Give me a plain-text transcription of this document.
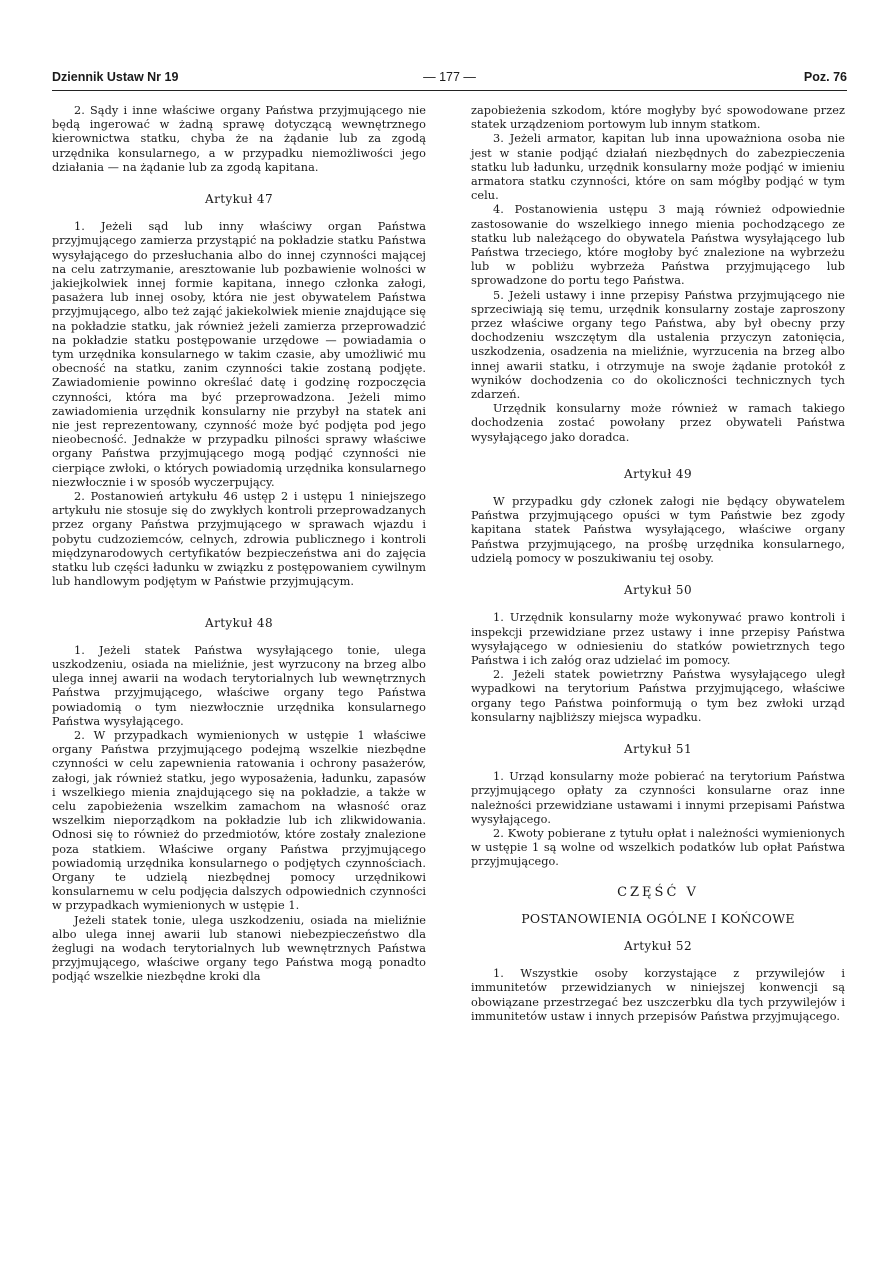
Dziennik Ustaw Nr 19	— 177 —	Poz. 76

2. Sądy i inne właściwe organy Państwa przyjmującego nie będą ingerować w żadną sprawę dotyczącą wewnętrznego kierownictwa statku, chyba że na żądanie lub za zgodą urzędnika konsularnego, a w przypadku niemożliwości jego działania — na żądanie lub za zgodą kapitana.

Artykuł 47

1. Jeżeli sąd lub inny właściwy organ Państwa przyjmującego zamierza przystąpić na pokładzie statku Państwa wysyłającego do przesłuchania albo do innej czynności mającej na celu zatrzymanie, aresztowanie lub pozbawienie wolności w jakiejkolwiek innej formie kapitana, innego członka załogi, pasażera lub innej osoby, która nie jest obywatelem Państwa przyjmującego, albo też zająć jakiekolwiek mienie znajdujące się na pokładzie statku, jak również jeżeli zamierza przeprowadzić na pokładzie statku postępowanie urzędowe — powiadamia o tym urzędnika konsularnego w takim czasie, aby umożliwić mu obecność na statku, zanim czynności takie zostaną podjęte. Zawiadomienie powinno określać datę i godzinę rozpoczęcia czynności, która ma być przeprowadzona. Jeżeli mimo zawiadomienia urzędnik konsularny nie przybył na statek ani nie jest reprezentowany, czynność może być podjęta pod jego nieobecność. Jednakże w przypadku pilności sprawy właściwe organy Państwa przyjmującego mogą podjąć czynności nie cierpiące zwłoki, o których powiadomią urzędnika konsularnego niezwłocznie i w sposób wyczerpujący.

2. Postanowień artykułu 46 ustęp 2 i ustępu 1 niniejszego artykułu nie stosuje się do zwykłych kontroli przeprowadzanych przez organy Państwa przyjmującego w sprawach wjazdu i pobytu cudzoziemców, celnych, zdrowia publicznego i kontroli międzynarodowych certyfikatów bezpieczeństwa ani do zajęcia statku lub części ładunku w związku z postępowaniem cywilnym lub handlowym podjętym w Państwie przyjmującym.

Artykuł 48

1. Jeżeli statek Państwa wysyłającego tonie, ulega uszkodzeniu, osiada na mieliźnie, jest wyrzucony na brzeg albo ulega innej awarii na wodach terytorialnych lub wewnętrznych Państwa przyjmującego, właściwe organy tego Państwa powiadomią o tym niezwłocznie urzędnika konsularnego Państwa wysyłającego.

2. W przypadkach wymienionych w ustępie 1 właściwe organy Państwa przyjmującego podejmą wszelkie niezbędne czynności w celu zapewnienia ratowania i ochrony pasażerów, załogi, jak również statku, jego wyposażenia, ładunku, zapasów i wszelkiego mienia znajdującego się na pokładzie, a także w celu zapobieżenia wszelkim zamachom na własność oraz wszelkim nieporządkom na pokładzie lub ich zlikwidowania. Odnosi się to również do przedmiotów, które zostały znalezione poza statkiem. Właściwe organy Państwa przyjmującego powiadomią urzędnika konsularnego o podjętych czynnościach. Organy te udzielą niezbędnej pomocy urzędnikowi konsularnemu w celu podjęcia dalszych odpowiednich czynności w przypadkach wymienionych w ustępie 1.

Jeżeli statek tonie, ulega uszkodzeniu, osiada na mieliźnie albo ulega innej awarii lub stanowi niebezpieczeństwo dla żeglugi na wodach terytorialnych lub wewnętrznych Państwa przyjmującego, właściwe organy tego Państwa mogą ponadto podjąć wszelkie niezbędne kroki dla

zapobieżenia szkodom, które mogłyby być spowodowane przez statek urządzeniom portowym lub innym statkom.

3. Jeżeli armator, kapitan lub inna upoważniona osoba nie jest w stanie podjąć działań niezbędnych do zabezpieczenia statku lub ładunku, urzędnik konsularny może podjąć w imieniu armatora statku czynności, które on sam mógłby podjąć w tym celu.

4. Postanowienia ustępu 3 mają również odpowiednie zastosowanie do wszelkiego innego mienia pochodzącego ze statku lub należącego do obywatela Państwa wysyłającego lub Państwa trzeciego, które mogłoby być znalezione na wybrzeżu lub w pobliżu wybrzeża Państwa przyjmującego lub sprowadzone do portu tego Państwa.

5. Jeżeli ustawy i inne przepisy Państwa przyjmującego nie sprzeciwiają się temu, urzędnik konsularny zostaje zaproszony przez właściwe organy tego Państwa, aby był obecny przy dochodzeniu wszczętym dla ustalenia przyczyn zatonięcia, uszkodzenia, osadzenia na mieliźnie, wyrzucenia na brzeg albo innej awarii statku, i otrzymuje na swoje żądanie protokół z wyników dochodzenia co do okoliczności technicznych tych zdarzeń.

Urzędnik konsularny może również w ramach takiego dochodzenia zostać powołany przez obywateli Państwa wysyłającego jako doradca.

Artykuł 49

W przypadku gdy członek załogi nie będący obywatelem Państwa przyjmującego opuści w tym Państwie bez zgody kapitana statek Państwa wysyłającego, właściwe organy Państwa przyjmującego, na prośbę urzędnika konsularnego, udzielą pomocy w poszukiwaniu tej osoby.

Artykuł 50

1. Urzędnik konsularny może wykonywać prawo kontroli i inspekcji przewidziane przez ustawy i inne przepisy Państwa wysyłającego w odniesieniu do statków powietrznych tego Państwa i ich załóg oraz udzielać im pomocy.

2. Jeżeli statek powietrzny Państwa wysyłającego uległ wypadkowi na terytorium Państwa przyjmującego, właściwe organy tego Państwa poinformują o tym bez zwłoki urząd konsularny najbliższy miejsca wypadku.

Artykuł 51

1. Urząd konsularny może pobierać na terytorium Państwa przyjmującego opłaty za czynności konsularne oraz inne należności przewidziane ustawami i innymi przepisami Państwa wysyłającego.

2. Kwoty pobierane z tytułu opłat i należności wymienionych w ustępie 1 są wolne od wszelkich podatków lub opłat Państwa przyjmującego.

CZĘŚĆ V
POSTANOWIENIA OGÓLNE I KOŃCOWE
Artykuł 52

1. Wszystkie osoby korzystające z przywilejów i immunitetów przewidzianych w niniejszej konwencji są obowiązane przestrzegać bez uszczerbku dla tych przywilejów i immunitetów ustaw i innych przepisów Państwa przyjmującego.
